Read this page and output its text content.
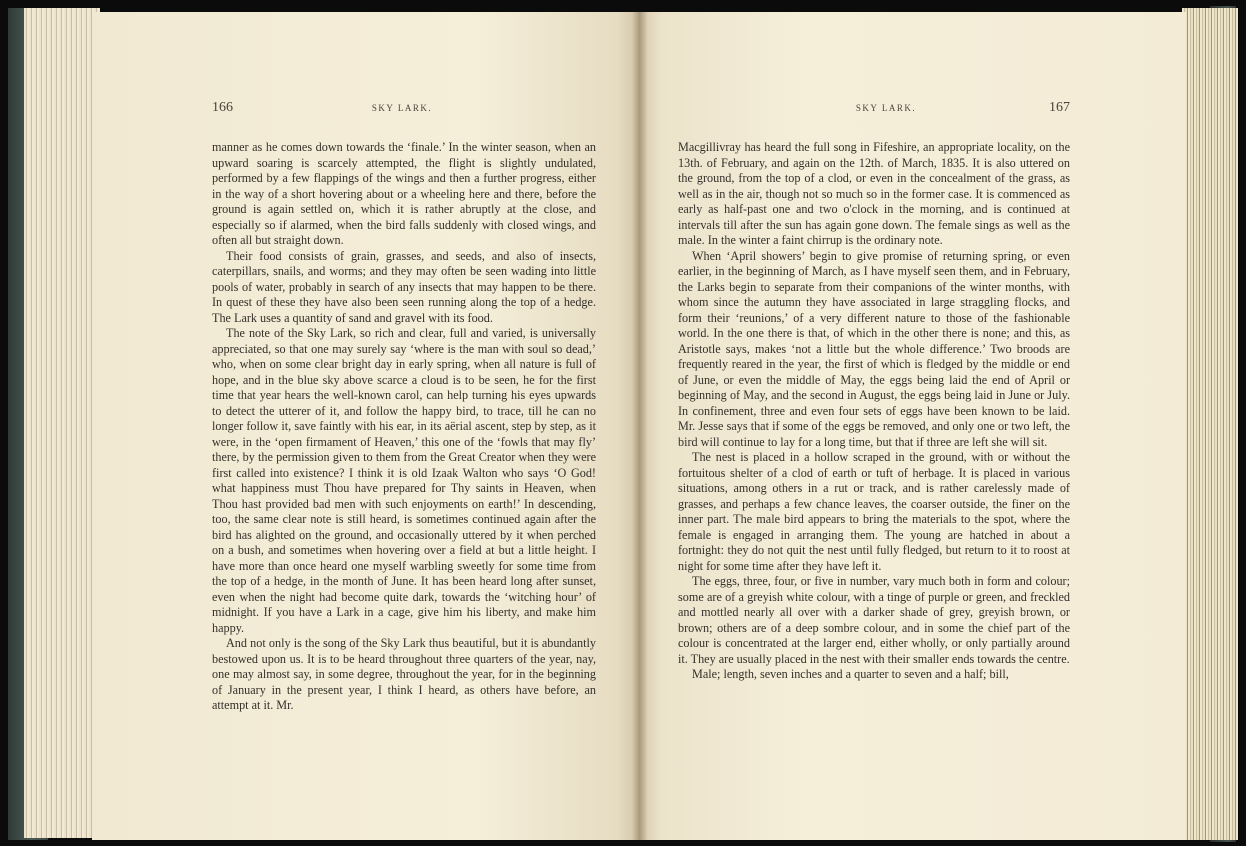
166	SKY LARK.

manner as he comes down towards the ‘finale.’ In the winter season, when an upward soaring is scarcely attempted, the flight is slightly undulated, performed by a few flappings of the wings and then a further progress, either in the way of a short hovering about or a wheeling here and there, before the ground is again settled on, which it is rather abruptly at the close, and especially so if alarmed, when the bird falls suddenly with closed wings, and often all but straight down.

Their food consists of grain, grasses, and seeds, and also of insects, caterpillars, snails, and worms; and they may often be seen wading into little pools of water, probably in search of any insects that may happen to be there. In quest of these they have also been seen running along the top of a hedge. The Lark uses a quantity of sand and gravel with its food.

The note of the Sky Lark, so rich and clear, full and varied, is universally appreciated, so that one may surely say ‘where is the man with soul so dead,’ who, when on some clear bright day in early spring, when all nature is full of hope, and in the blue sky above scarce a cloud is to be seen, he for the first time that year hears the well-known carol, can help turning his eyes upwards to detect the utterer of it, and follow the happy bird, to trace, till he can no longer follow it, save faintly with his ear, in its aërial ascent, step by step, as it were, in the ‘open firmament of Heaven,’ this one of the ‘fowls that may fly’ there, by the permission given to them from the Great Creator when they were first called into existence? I think it is old Izaak Walton who says ‘O God! what happiness must Thou have prepared for Thy saints in Heaven, when Thou hast provided bad men with such enjoyments on earth!’ In descending, too, the same clear note is still heard, is sometimes continued again after the bird has alighted on the ground, and occasionally uttered by it when perched on a bush, and sometimes when hovering over a field at but a little height. I have more than once heard one myself warbling sweetly for some time from the top of a hedge, in the month of June. It has been heard long after sunset, even when the night had become quite dark, towards the ‘witching hour’ of midnight. If you have a Lark in a cage, give him his liberty, and make him happy.

And not only is the song of the Sky Lark thus beautiful, but it is abundantly bestowed upon us. It is to be heard throughout three quarters of the year, nay, one may almost say, in some degree, throughout the year, for in the beginning of January in the present year, I think I heard, as others have before, an attempt at it. Mr.

SKY LARK.	167

Macgillivray has heard the full song in Fifeshire, an appropriate locality, on the 13th. of February, and again on the 12th. of March, 1835. It is also uttered on the ground, from the top of a clod, or even in the concealment of the grass, as well as in the air, though not so much so in the former case. It is commenced as early as half-past one and two o'clock in the morning, and is continued at intervals till after the sun has again gone down. The female sings as well as the male. In the winter a faint chirrup is the ordinary note.

When ‘April showers’ begin to give promise of returning spring, or even earlier, in the beginning of March, as I have myself seen them, and in February, the Larks begin to separate from their companions of the winter months, with whom since the autumn they have associated in large straggling flocks, and form their ‘reunions,’ of a very different nature to those of the fashionable world. In the one there is that, of which in the other there is none; and this, as Aristotle says, makes ‘not a little but the whole difference.’ Two broods are frequently reared in the year, the first of which is fledged by the middle or end of June, or even the middle of May, the eggs being laid the end of April or beginning of May, and the second in August, the eggs being laid in June or July. In confinement, three and even four sets of eggs have been known to be laid. Mr. Jesse says that if some of the eggs be removed, and only one or two left, the bird will continue to lay for a long time, but that if three are left she will sit.

The nest is placed in a hollow scraped in the ground, with or without the fortuitous shelter of a clod of earth or tuft of herbage. It is placed in various situations, among others in a rut or track, and is rather carelessly made of grasses, and perhaps a few chance leaves, the coarser outside, the finer on the inner part. The male bird appears to bring the materials to the spot, where the female is engaged in arranging them. The young are hatched in about a fortnight: they do not quit the nest until fully fledged, but return to it to roost at night for some time after they have left it.

The eggs, three, four, or five in number, vary much both in form and colour; some are of a greyish white colour, with a tinge of purple or green, and freckled and mottled nearly all over with a darker shade of grey, greyish brown, or brown; others are of a deep sombre colour, and in some the chief part of the colour is concentrated at the larger end, either wholly, or only partially around it. They are usually placed in the nest with their smaller ends towards the centre.

Male; length, seven inches and a quarter to seven and a half; bill,
